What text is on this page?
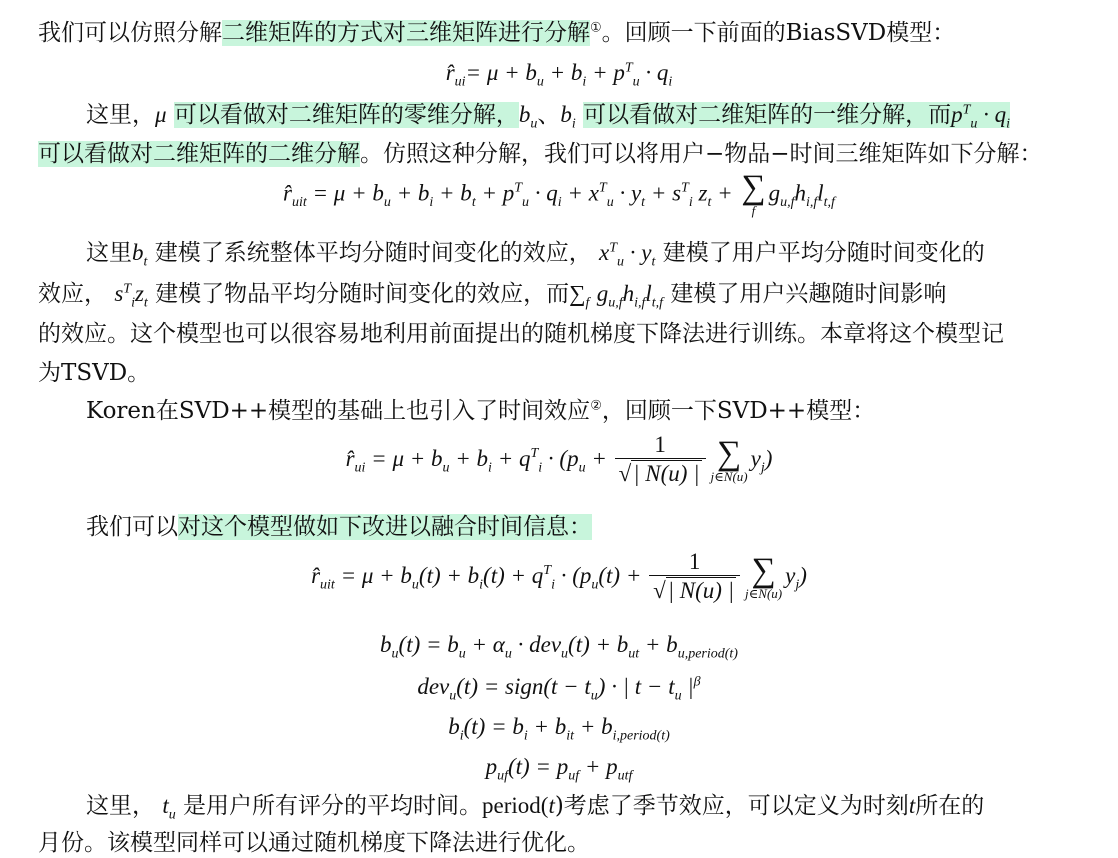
我们可以仿照分解二维矩阵的方式对三维矩阵进行分解①。回顾一下前面的BiasSVD模型：
$r̂_{ui}= \mu + b_u + b_i + p^T_u \cdot q_i$
这里，μ 可以看做对二维矩阵的零维分解，$b_u$、$b_i$ 可以看做对二维矩阵的一维分解，而$p^T_u \cdot q_i$
可以看做对二维矩阵的二维分解。仿照这种分解，我们可以将用户−物品−时间三维矩阵如下分解：
$r̂_{uit} = \mu + b_u + b_i + b_t + p^T_u \cdot q_i + x^T_u \cdot y_t + s^T_i$ $z_t$ + ∑
f
$g_{u,f}h_{i,f}l_{t,f}$
这里$b_t$ 建模了系统整体平均分随时间变化的效应， $x^T_u \cdot y_t$ 建模了用户平均分随时间变化的
效应， $s^T_iz_t$ 建模了物品平均分随时间变化的效应，而$\sum_f$ $g_{u,f}h_{i,f}l_{t,f}$ 建模了用户兴趣随时间影响
的效应。这个模型也可以很容易地利用前面提出的随机梯度下降法进行训练。本章将这个模型记
为TSVD。
Koren在SVD++模型的基础上也引入了时间效应②，回顾一下SVD++模型：
$r̂_{ui} = \mu + b_u + b_i + q^T_i \cdot (p_u + \frac{1}{√| N(u) |}$ ∑
j∈N(u)
$y_j$)
我们可以对这个模型做如下改进以融合时间信息：
$r̂_{uit} = \mu + b_u(t) + b_i(t) + q^T_i \cdot (p_u(t) + \frac{1}{√| N(u) |}$ ∑
j∈N(u)
$y_j$)
$b_u(t) = b_u + \alpha_u \cdot dev_u(t) + b_{ut} + b_{u,period(t)}$
dev$_u$(t) = sign(t − $t_u$) · | $t - t_u$ $|^\beta$
$b_i(t) = b_i + b_{it} + b_{i,period(t)}$
$p_{uf}(t) = p_{uf} + p_{utf}$
这里， $t_u$ 是用户所有评分的平均时间。period(t)考虑了季节效应，可以定义为时刻t所在的
月份。该模型同样可以通过随机梯度下降法进行优化。
